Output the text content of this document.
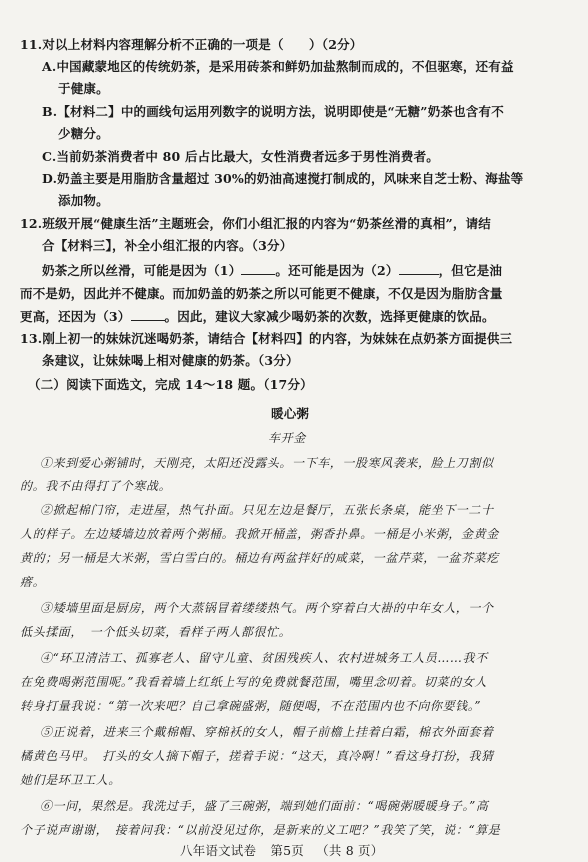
11.对以上材料内容理解分析不正确的一项是（　　）（2分）
A.中国藏蒙地区的传统奶茶，是采用砖茶和鲜奶加盐熬制而成的，不但驱寒，还有益
于健康。
B.【材料二】中的画线句运用列数字的说明方法，说明即使是“无糖”奶茶也含有不
少糖分。
C.当前奶茶消费者中 80 后占比最大，女性消费者远多于男性消费者。
D.奶盖主要是用脂肪含量超过 30%的奶油高速搅打制成的，风味来自芝士粉、海盐等
添加物。
12.班级开展“健康生活”主题班会，你们小组汇报的内容为“奶茶丝滑的真相”，请结
合【材料三】，补全小组汇报的内容。（3分）
奶茶之所以丝滑，可能是因为（1）	。还可能是因为（2）	，但它是油
而不是奶，因此并不健康。而加奶盖的奶茶之所以可能更不健康，不仅是因为脂肪含量
更高，还因为（3）	。因此，建议大家减少喝奶茶的次数，选择更健康的饮品。
13.刚上初一的妹妹沉迷喝奶茶，请结合【材料四】的内容，为妹妹在点奶茶方面提供三
条建议，让妹妹喝上相对健康的奶茶。（3分）
（二）阅读下面选文，完成 14～18 题。（17分）
暖心粥
车开金
①来到爱心粥铺时，天刚亮，太阳还没露头。一下车，一股寒风袭来，脸上刀割似
的。我不由得打了个寒战。
②掀起棉门帘，走进屋，热气扑面。只见左边是餐厅，五张长条桌，能坐下一二十
人的样子。左边矮墙边放着两个粥桶。我掀开桶盖，粥香扑鼻。一桶是小米粥，金黄金
黄的；另一桶是大米粥，雪白雪白的。桶边有两盆拌好的咸菜，一盆芹菜，一盆芥菜疙
瘩。
③矮墙里面是厨房，两个大蒸锅冒着缕缕热气。两个穿着白大褂的中年女人，一个
低头揉面，　一个低头切菜，看样子两人都很忙。
④“环卫清洁工、孤寡老人、留守儿童、贫困残疾人、农村进城务工人员……我不
在免费喝粥范围呢。”我看着墙上红纸上写的免费就餐范围，嘴里念叨着。切菜的女人
转身打量我说：“第一次来吧？自己拿碗盛粥，随便喝，不在范围内也不向你要钱。”
⑤正说着，进来三个戴棉帽、穿棉袄的女人，帽子前檐上挂着白霜，棉衣外面套着
橘黄色马甲。　打头的女人摘下帽子，搓着手说：“这天，真冷啊！”看这身打扮，我猜
她们是环卫工人。
⑥一问，果然是。我洗过手，盛了三碗粥，端到她们面前：“喝碗粥暖暖身子。”高
个子说声谢谢，　接着问我：“以前没见过你，是新来的义工吧？”我笑了笑，说：“算是
八年语文试卷 第5页 （共 8 页）
